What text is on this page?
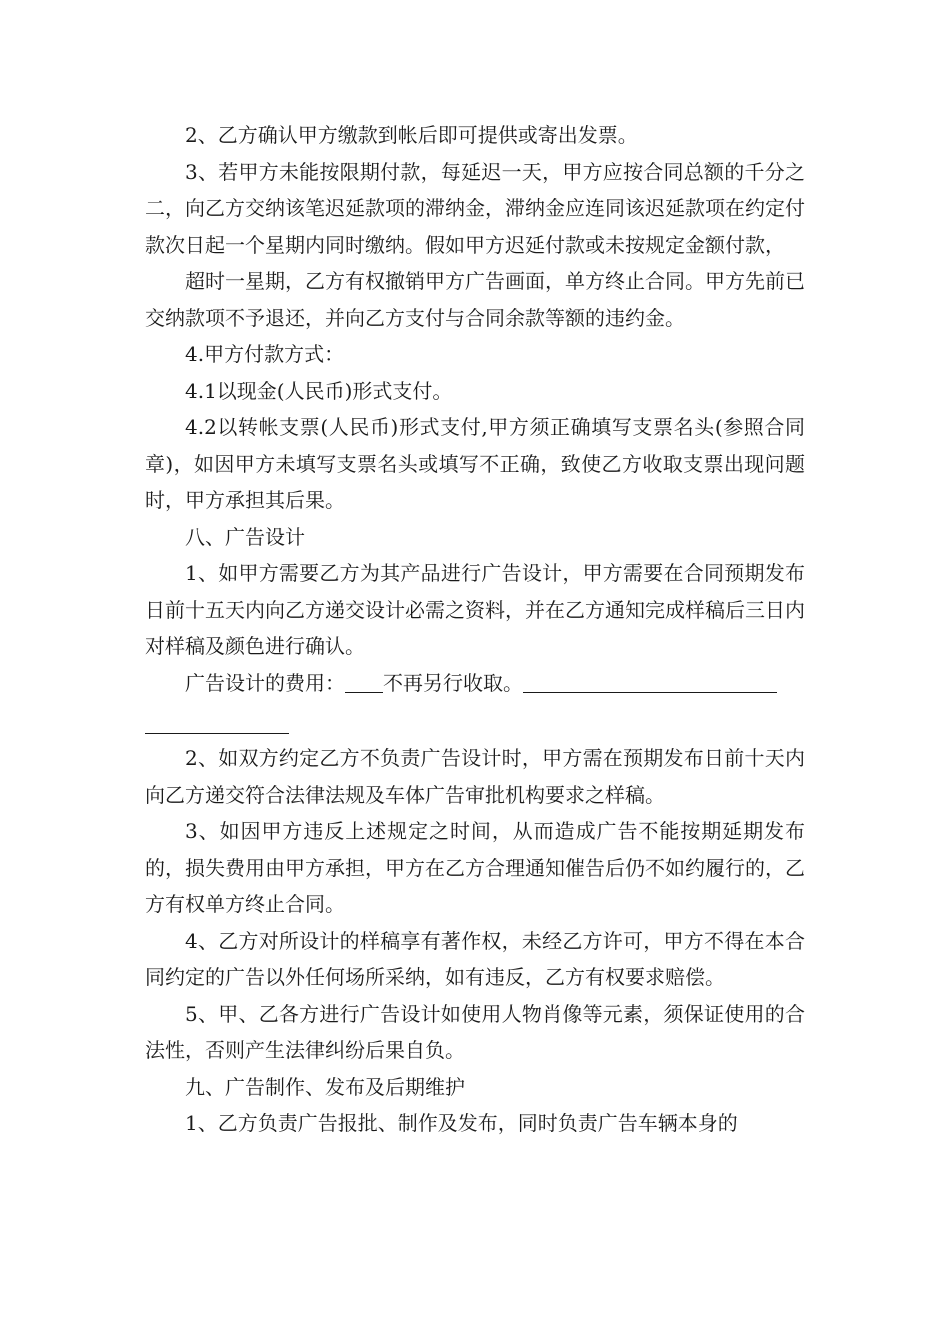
2、乙方确认甲方缴款到帐后即可提供或寄出发票。

3、若甲方未能按限期付款，每延迟一天，甲方应按合同总额的千分之二，向乙方交纳该笔迟延款项的滞纳金，滞纳金应连同该迟延款项在约定付款次日起一个星期内同时缴纳。假如甲方迟延付款或未按规定金额付款，

超时一星期，乙方有权撤销甲方广告画面，单方终止合同。甲方先前已交纳款项不予退还，并向乙方支付与合同余款等额的违约金。

4.甲方付款方式：

4.1以现金(人民币)形式支付。

4.2以转帐支票(人民币)形式支付,甲方须正确填写支票名头(参照合同章)，如因甲方未填写支票名头或填写不正确，致使乙方收取支票出现问题时，甲方承担其后果。

八、广告设计

1、如甲方需要乙方为其产品进行广告设计，甲方需要在合同预期发布日前十五天内向乙方递交设计必需之资料，并在乙方通知完成样稿后三日内对样稿及颜色进行确认。

广告设计的费用： 不再另行收取。

2、如双方约定乙方不负责广告设计时，甲方需在预期发布日前十天内向乙方递交符合法律法规及车体广告审批机构要求之样稿。

3、如因甲方违反上述规定之时间，从而造成广告不能按期延期发布的，损失费用由甲方承担，甲方在乙方合理通知催告后仍不如约履行的，乙方有权单方终止合同。

4、乙方对所设计的样稿享有著作权，未经乙方许可，甲方不得在本合同约定的广告以外任何场所采纳，如有违反，乙方有权要求赔偿。

5、甲、乙各方进行广告设计如使用人物肖像等元素，须保证使用的合法性，否则产生法律纠纷后果自负。

九、广告制作、发布及后期维护

1、乙方负责广告报批、制作及发布，同时负责广告车辆本身的
